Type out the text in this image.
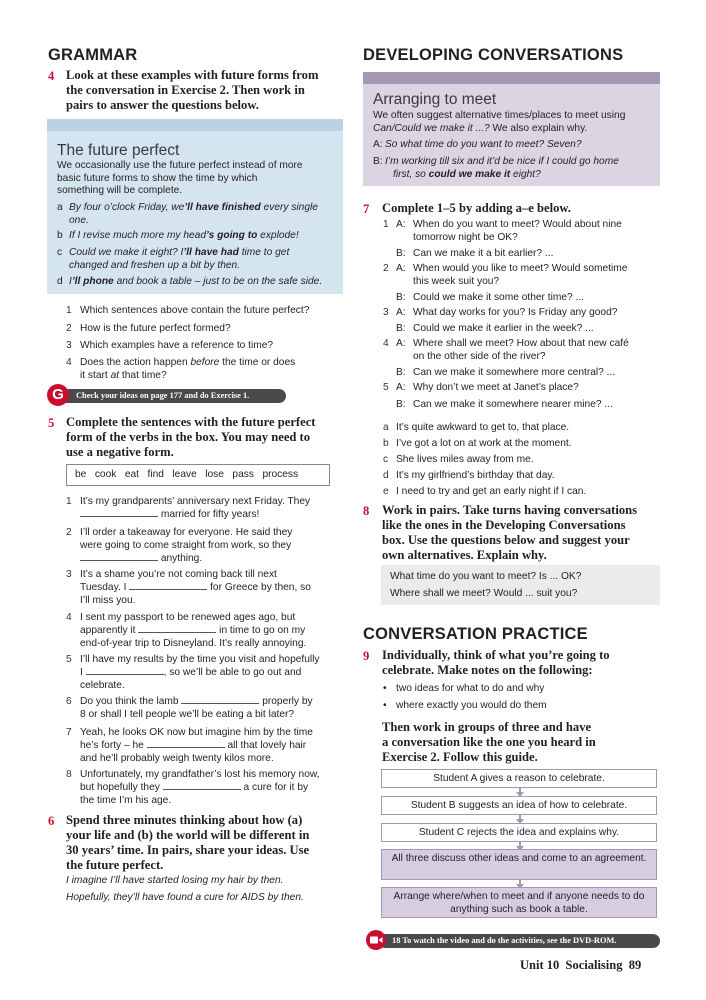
GRAMMAR
4 Look at these examples with future forms from
the conversation in Exercise 2. Then work in
pairs to answer the questions below.
The future perfect
We occasionally use the future perfect instead of more
basic future forms to show the time by which
something will be complete.
a By four o’clock Friday, we’ll have finished every single
one.
b If I revise much more my head’s going to explode!
c Could we make it eight? I’ll have had time to get
changed and freshen up a bit by then.
d I’ll phone and book a table – just to be on the safe side.
1 Which sentences above contain the future perfect?
2 How is the future perfect formed?
3 Which examples have a reference to time?
4 Does the action happen before the time or does
it start at that time?
Check your ideas on page 177 and do Exercise 1.
G
5 Complete the sentences with the future perfect
form of the verbs in the box. You may need to
use a negative form.
be   cook   eat   find   leave   lose   pass   process
1 It’s my grandparents’ anniversary next Friday. They
married for fifty years!
2 I’ll order a takeaway for everyone. He said they
were going to come straight from work, so they
anything.
3 It’s a shame you’re not coming back till next
Tuesday. I	for Greece by then, so
I’ll miss you.
4 I sent my passport to be renewed ages ago, but
apparently it	in time to go on my
end-of-year trip to Disneyland. It’s really annoying.
5 I’ll have my results by the time you visit and hopefully
I	, so we’ll be able to go out and
celebrate.
6 Do you think the lamb	properly by
8 or shall I tell people we’ll be eating a bit later?
7 Yeah, he looks OK now but imagine him by the time
he’s forty – he	all that lovely hair
and he’ll probably weigh twenty kilos more.
8 Unfortunately, my grandfather’s lost his memory now,
but hopefully they	a cure for it by
the time I’m his age.
6 Spend three minutes thinking about how (a)
your life and (b) the world will be different in
30 years’ time. In pairs, share your ideas. Use
the future perfect.
I imagine I’ll have started losing my hair by then.
Hopefully, they’ll have found a cure for AIDS by then.
DEVELOPING CONVERSATIONS
Arranging to meet
We often suggest alternative times/places to meet using
Can/Could we make it ...? We also explain why.
A: So what time do you want to meet? Seven?
B: I’m working till six and it’d be nice if I could go home
first, so could we make it eight?
7 Complete 1–5 by adding a–e below.
1 A: When do you want to meet? Would about nine
tomorrow night be OK?
B: Can we make it a bit earlier? ...
2 A: When would you like to meet? Would sometime
this week suit you?
B: Could we make it some other time? ...
3 A: What day works for you? Is Friday any good?
B: Could we make it earlier in the week? ...
4 A: Where shall we meet? How about that new café
on the other side of the river?
B: Can we make it somewhere more central? ...
5 A: Why don’t we meet at Janet’s place?
B: Can we make it somewhere nearer mine? ...
a It’s quite awkward to get to, that place.
b I’ve got a lot on at work at the moment.
c She lives miles away from me.
d It’s my girlfriend’s birthday that day.
e I need to try and get an early night if I can.
8 Work in pairs. Take turns having conversations
like the ones in the Developing Conversations
box. Use the questions below and suggest your
own alternatives. Explain why.
What time do you want to meet? Is ... OK?
Where shall we meet? Would ... suit you?
CONVERSATION PRACTICE
9 Individually, think of what you’re going to
celebrate. Make notes on the following:
• two ideas for what to do and why
• where exactly you would do them
Then work in groups of three and have
a conversation like the one you heard in
Exercise 2. Follow this guide.
Student A gives a reason to celebrate.
Student B suggests an idea of how to celebrate.
Student C rejects the idea and explains why.
All three discuss other ideas and come to an agreement.
Arrange where/when to meet and if anyone needs to do anything such as book a table.
18 To watch the video and do the activities, see the DVD-ROM.
Unit 10 Socialising 89
